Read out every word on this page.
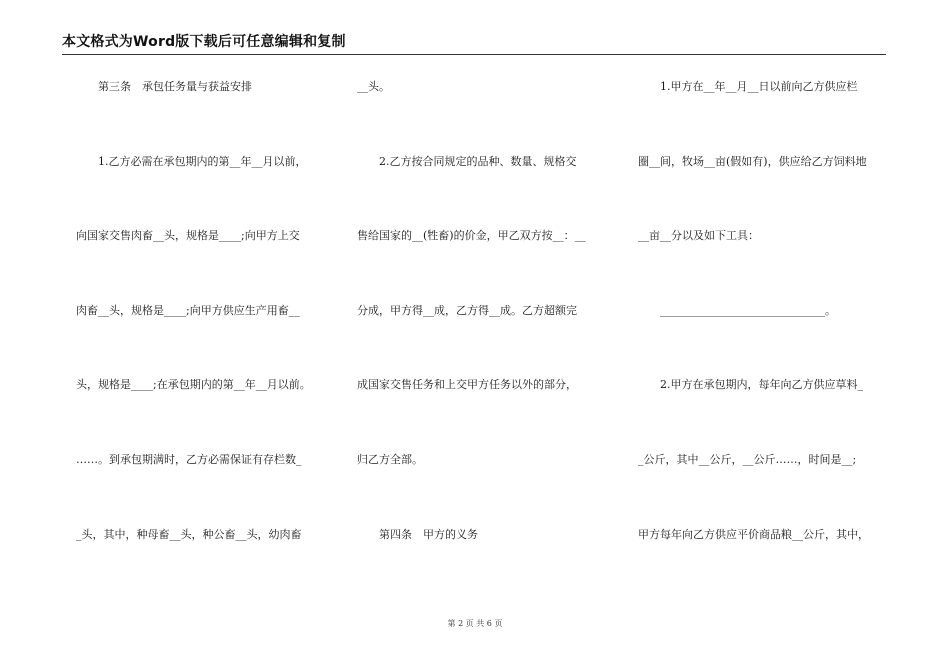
本文格式为Word版下载后可任意编辑和复制
　　第三条　承包任务量与获益安排
　　1.乙方必需在承包期内的第__年__月以前，
向国家交售肉畜__头，规格是____;向甲方上交
肉畜__头，规格是____;向甲方供应生产用畜__
头，规格是____;在承包期内的第__年__月以前。
……。到承包期满时，乙方必需保证有存栏数_
_头，其中，种母畜__头，种公畜__头，幼肉畜
__头。
　　2.乙方按合同规定的品种、数量、规格交
售给国家的__(牲畜)的价金，甲乙双方按__：__
分成，甲方得__成，乙方得__成。乙方超额完
成国家交售任务和上交甲方任务以外的部分，
归乙方全部。
　　第四条　甲方的义务
　　1.甲方在__年__月__日以前向乙方供应栏
圈__间，牧场__亩(假如有)，供应给乙方饲料地
__亩__分以及如下工具：
　　______________________________。
　　2.甲方在承包期内，每年向乙方供应草料_
_公斤，其中__公斤，__公斤……，时间是__;
甲方每年向乙方供应平价商品粮__公斤，其中，
第 2 页 共 6 页
